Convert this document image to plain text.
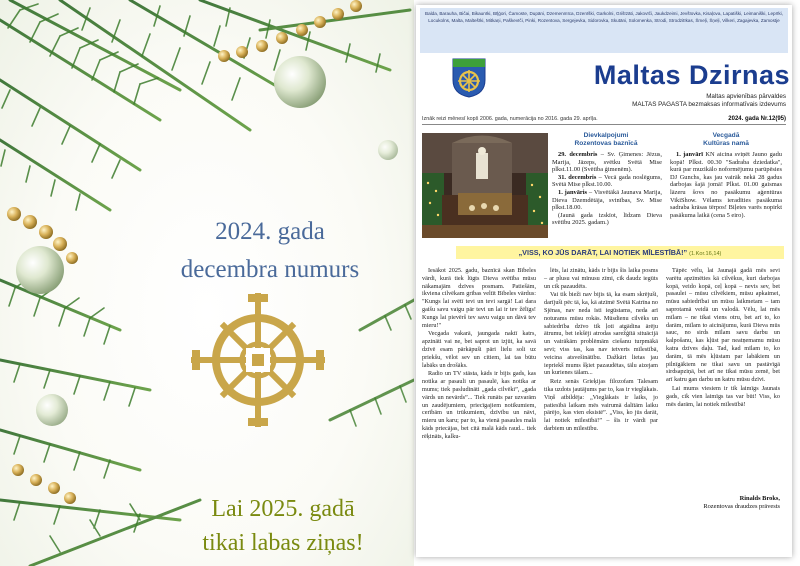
2024. gada
decembra numurs
Lai 2025. gadā
tikai labas ziņas!
Balda, Barauha, Bičai, Bikaunīki, Bīļģori, Čamoste, Dupāni, Dzemenmīca, Dzenīški, Garkolni, Grišīzāti, Jakovīči, Jaukdzeimi, Jevšīovka, Kisaļova, Lapatiški, Leimaniški, Leprīki, Locukolns, Malta, Maltešīki, Mitkaņi, Paškevīči, Pinki, Rozentova, Sergejevka, Sidorovka, Skutāni, Solomenka, Strodi, Strodzitīkas, Šmeļi, Šņeļi, Vilkeri, Zagajevka, Zamostje
Maltas Dzirnas
Maltas apvienības pārvaldes
MALTAS PAGASTA bezmaksas informatīvais izdevums
Iznāk reizi mēnesī kopš 2006. gada, numerācija no 2016. gada 29. aprīļa.	2024. gada Nr.12(95)
Dievkalpojumi
Rozentovas baznīcā
Vecgadā
Kultūras namā

29. decembris – Sv. Ģimenes: Jēzus, Marija, Jāzeps, svētku Svētā Mise plkst.11.00 (Svētība ģimenēm).

31. decembris – Vecā gada noslēgums, Svētā Mise plkst.10.00.

1. janvāris – Visvētākā Jaunava Marija, Dieva Dzemdētāja, svinības, Sv. Mise plkst.18.00.

(Jaunā gada izskīot, līdzam Dieva svētību 2025. gadam.)

1. janvārī KN aicina sviņēt Jauno gadu kopā! Plkst. 00.30 "Sadraba dziedatka", kurā par muzikālo noformējumu parūpēsies DJ Gunchs, kas jau vairāk nekā 28 gadus darbojas šajā jomā! Plkst. 01.00 gaismas lāzeru šovs no pasākumu aģentūras VikiShow. Vēlams ieradīties pasākuma sadraba krāsas tērpos! Biļetes varēs nopirkt pasākuma laikā (cena 5 eiro).

„VISS, KO JŪS DARĀT, LAI NOTIEK MĪLESTĪBĀ!” (1.Kor.16,14)

Iesākot 2025. gadu, baznīcā skan Bībeles vārdi, kurā tiek lūgts Dieva svētība mūsu nākamajām dzīves posmam. Patiešām, ikviena cilvēkam gribas veltīt Bībeles vārdus: "Kungs lai svētī tevi un tevi sargā! Lai dara gaišu savu vaigu pār tevi un lai ir tev žēlīgs! Kungs lai pievērš tev savu vaigu un dāvā tev mieru!"

Vecgada vakarā, jaungada naktī katrs, apzināti vai ne, bet saprot un izjūt, ka savā dzīvē esam pārkāpuši pāri lielu soli uz priekšu, vēlot sev un citiem, lai tas būtu labāks un drošāks.

Radio un TV stāsta, kāds ir bijis gads, kas notika ar pasauli un pasaulē, kas notika ar mums; tiek pasludināti „gada cilvēki”, „gada vārds un nevārds”... Tiek runāts par uzvarām un zaudējumiem, priecīgajiem notikumiem, cerībām un trūkumiem, dzīvību un nāvi, mieru un karu; par to, ka vienā pasaules malā kāds priecājas, bet citā malā kāds raud... tiek rēķināts, kalku-

lēts, lai zinātu, kāds ir bijis šis laika posms – ar plusu vai mīnusu zīmi, cik daudz iegūts un cik pazaudēts.

Vai tik bieži nav bijis tā, ka esam skrējuši, darījuši pēc tā, ka, kā atzīmē Svētā Katrīna no Sjēnas, nav neda īsti iegūstams, neda arī noturams mūsu rokās. Mūsdienu cilvēks un sabiedrība dzīvo tik ļoti atgādina ārēju ātrumu, bet iekšēji atrodas sarežģītā situācijā un vairākām problēmām ciešanu turpmākā sevi; viss tas, kas nav ietverts mīlestībā, veicina atsvešinātību. Dažkārt lietas jau iepriekš mums šķiet pazaudētas, tālu aizejam un kurienes tālam...

Reiz senās Grieķijas filozofam Talesam tika uzdots jautājums par to, kas ir vieglākais. Viņš atbildēja: „Vieglākais ir laiks, jo patiesībā laikam mēs vairumā dalītām laiku pārējo, kas vien eksistē”. „Viss, ko jūs darāt, lai notiek mīlestībā!” – šīs ir vārdi par darbiem un mīlestību.

Tāpēc vēlu, lai Jaunajā gadā mēs sevi varētu apzīmēties kā cilvēkus, kuri darbojas kopā, veido kopā, ceļ kopā – nevis sev, bet pasaulei – mūsu cilvēkiem, mūsu apkaimei, mūsu sabiedrībai un mūsu laikmetam – tam saprotamā veidā un valodā. Vēlu, lai mēs mīlam – ne tikai viens otru, bet arī to, ko darām, mīlam to aicinājumu, kurā Dieva mūs sauc, no sirds mīlam savu darbu un kalpošanu, kas kļūst par neatņemamu mūsu katra dzīves daļu. Tad, kad mīlam to, ko darām, tā mēs kļūstam par labākiem un pilnīgākiem ne tikai savu un pastāvīgā sirdsapziņā, bet arī ne tikai mūsu zemē, bet arī katru gan darbu un katru mūsu dzīvi.

Lai mums viesiem ir tik laimīgs Jaunais gads, cik vien laimīgs tas var būt! Viss, ko mēs darām, lai notiek mīlestībā!

Rinalds Broks,
Rozentovas draudzes prāvests
